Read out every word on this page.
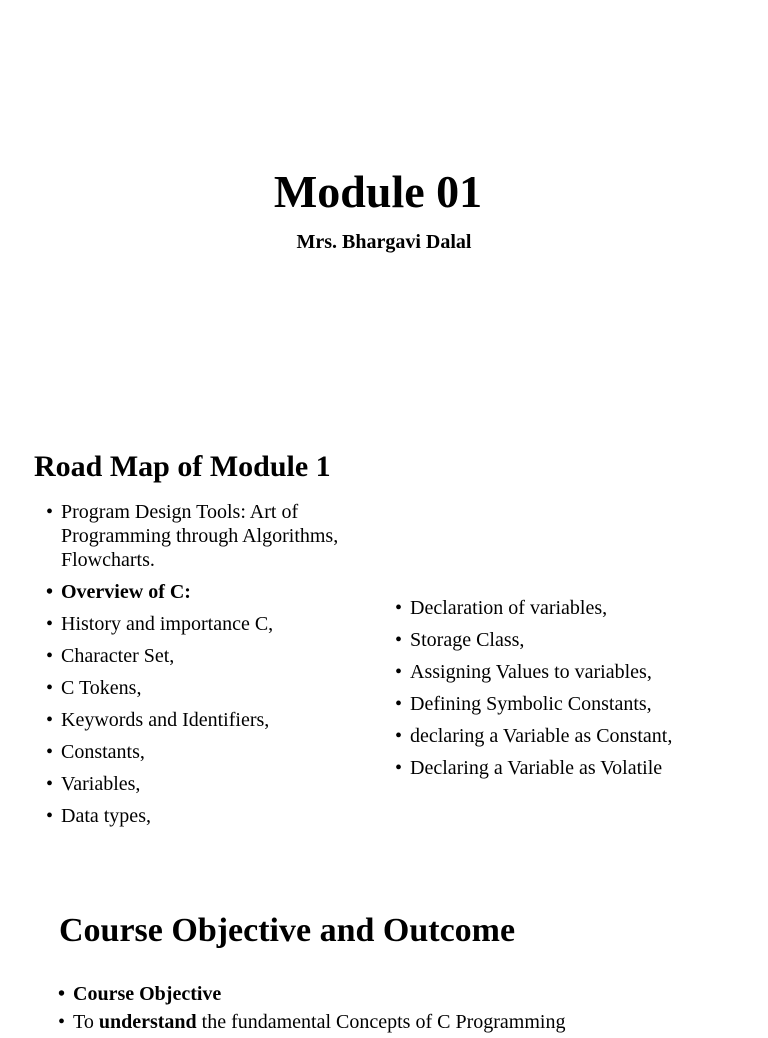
Module 01

Mrs. Bhargavi Dalal

Road Map of Module 1
• Program Design Tools: Art of Programming through Algorithms, Flowcharts.
• Overview of C:
• History and importance C,
• Character Set,
• C Tokens,
• Keywords and Identifiers,
• Constants,
• Variables,
• Data types,
• Declaration of variables,
• Storage Class,
• Assigning Values to variables,
• Defining Symbolic Constants,
• declaring a Variable as Constant,
• Declaring a Variable as Volatile
Course Objective and Outcome
• Course Objective
• To understand the fundamental Concepts of C Programming
